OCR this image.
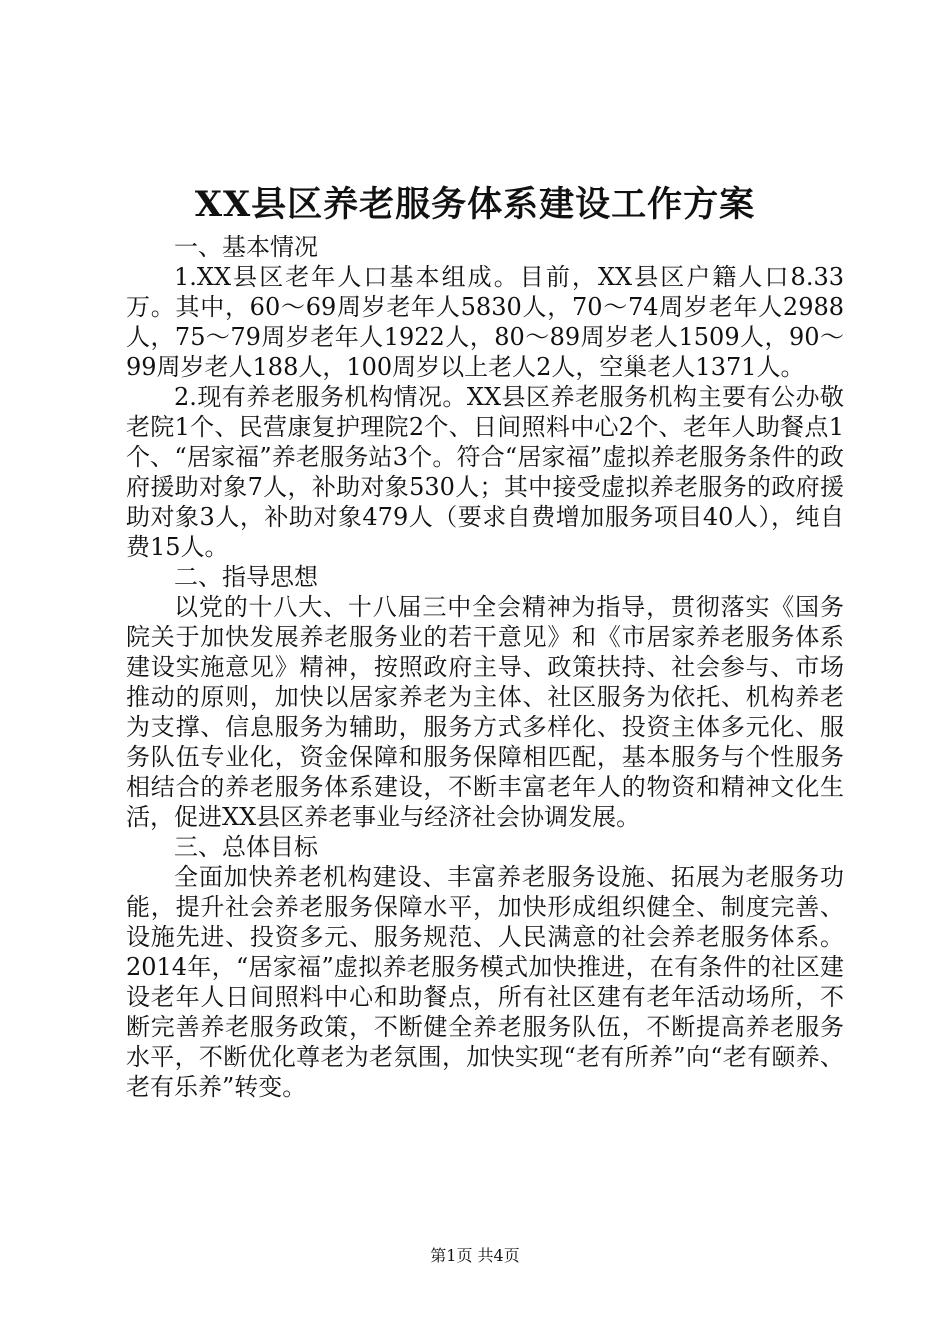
XX县区养老服务体系建设工作方案
一、基本情况

1.XX县区老年人口基本组成。目前，XX县区户籍人口8.33万。其中，60～69周岁老年人5830人，70～74周岁老年人2988人，75～79周岁老年人1922人，80～89周岁老人1509人，90～99周岁老人188人，100周岁以上老人2人，空巢老人1371人。

2.现有养老服务机构情况。XX县区养老服务机构主要有公办敬老院1个、民营康复护理院2个、日间照料中心2个、老年人助餐点1个、“居家福”养老服务站3个。符合“居家福”虚拟养老服务条件的政府援助对象7人，补助对象530人；其中接受虚拟养老服务的政府援助对象3人，补助对象479人（要求自费增加服务项目40人），纯自费15人。

二、指导思想

以党的十八大、十八届三中全会精神为指导，贯彻落实《国务院关于加快发展养老服务业的若干意见》和《市居家养老服务体系建设实施意见》精神，按照政府主导、政策扶持、社会参与、市场推动的原则，加快以居家养老为主体、社区服务为依托、机构养老为支撑、信息服务为辅助，服务方式多样化、投资主体多元化、服务队伍专业化，资金保障和服务保障相匹配，基本服务与个性服务相结合的养老服务体系建设，不断丰富老年人的物资和精神文化生活，促进XX县区养老事业与经济社会协调发展。

三、总体目标

全面加快养老机构建设、丰富养老服务设施、拓展为老服务功能，提升社会养老服务保障水平，加快形成组织健全、制度完善、设施先进、投资多元、服务规范、人民满意的社会养老服务体系。2014年，“居家福”虚拟养老服务模式加快推进，在有条件的社区建设老年人日间照料中心和助餐点，所有社区建有老年活动场所，不断完善养老服务政策，不断健全养老服务队伍，不断提高养老服务水平，不断优化尊老为老氛围，加快实现“老有所养”向“老有颐养、老有乐养”转变。

第1页 共4页
